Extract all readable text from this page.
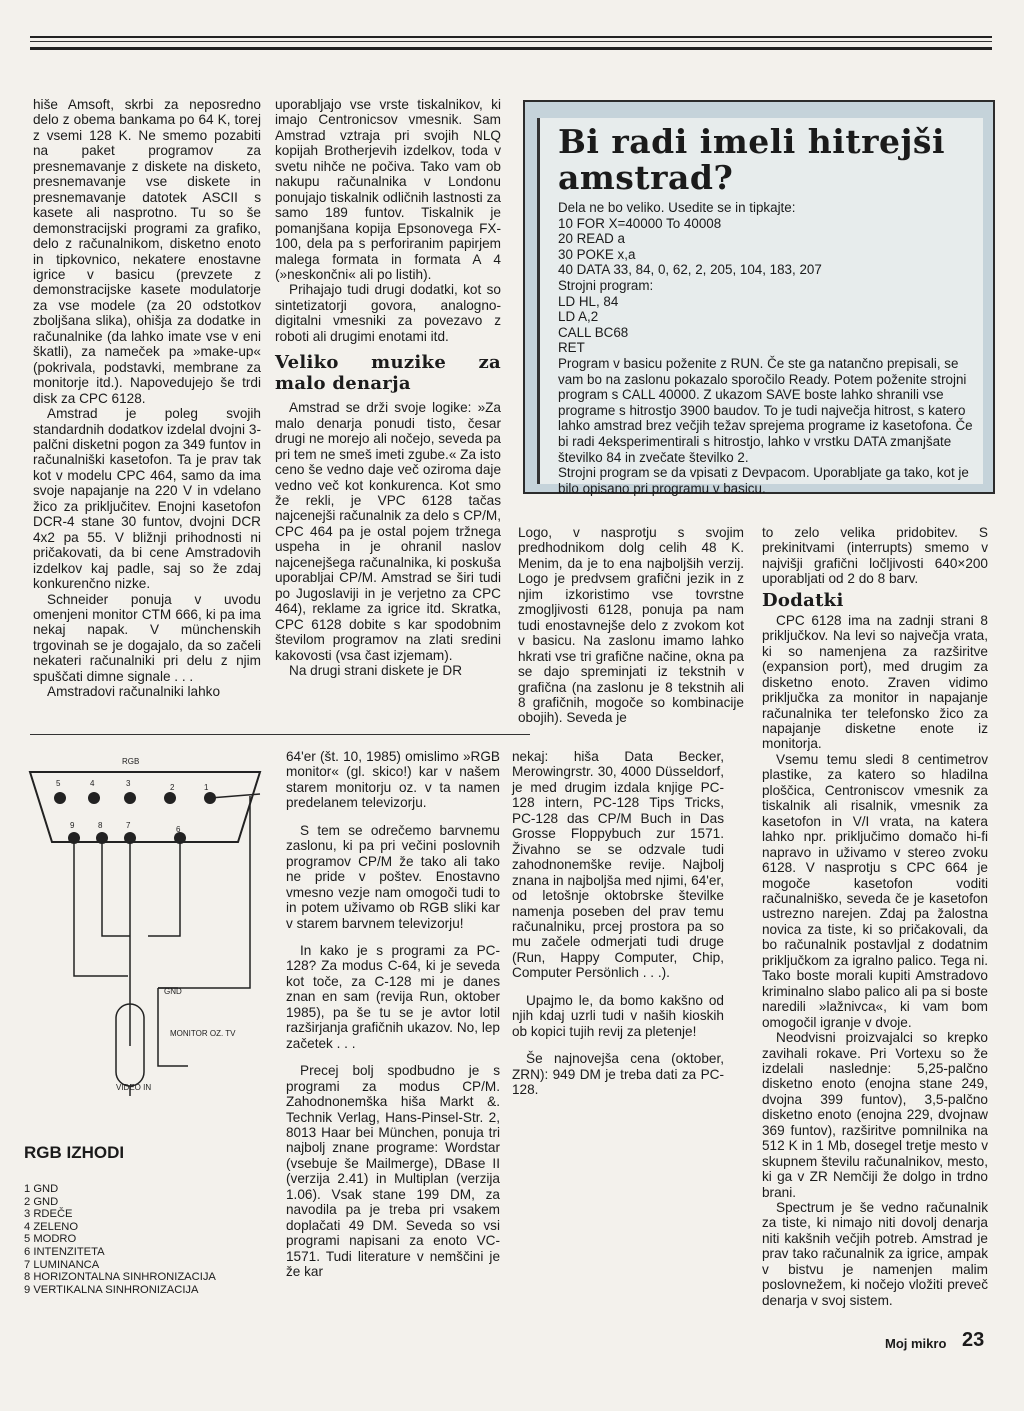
hiše Amsoft, skrbi za neposredno delo z obema bankama po 64 K, torej z vsemi 128 K. Ne smemo pozabiti na paket programov za presnemavanje z diskete na disketo, presnemavanje vse diskete in presnemavanje datotek ASCII s kasete ali nasprotno. Tu so še demonstracijski programi za grafiko, delo z računalnikom, disketno enoto in tipkovnico, nekatere enostavne igrice v basicu (prevzete z demonstracijske kasete modulatorje za vse modele (za 20 odstotkov zboljšana slika), ohišja za dodatke in računalnike (da lahko imate vse v eni škatli), za nameček pa »make-up« (pokrivala, podstavki, membrane za monitorje itd.). Napovedujejo še trdi disk za CPC 6128.

Amstrad je poleg svojih standardnih dodatkov izdelal dvojni 3-palčni disketni pogon za 349 funtov in računalniški kasetofon. Ta je prav tak kot v modelu CPC 464, samo da ima svoje napajanje na 220 V in vdelano žico za priključitev. Enojni kasetofon DCR-4 stane 30 funtov, dvojni DCR 4x2 pa 55. V bližnji prihodnosti ni pričakovati, da bi cene Amstradovih izdelkov kaj padle, saj so že zdaj konkurenčno nizke.

Schneider ponuja v uvodu omenjeni monitor CTM 666, ki pa ima nekaj napak. V münchenskih trgovinah se je dogajalo, da so začeli nekateri računalniki pri delu z njim spuščati dimne signale . . .

Amstradovi računalniki lahko

uporabljajo vse vrste tiskalnikov, ki imajo Centronicsov vmesnik. Sam Amstrad vztraja pri svojih NLQ kopijah Brotherjevih izdelkov, toda v svetu nihče ne počiva. Tako vam ob nakupu računalnika v Londonu ponujajo tiskalnik odličnih lastnosti za samo 189 funtov. Tiskalnik je pomanjšana kopija Epsonovega FX-100, dela pa s perforiranim papirjem malega formata in formata A 4 (»neskončni« ali po listih).

Prihajajo tudi drugi dodatki, kot so sintetizatorji govora, analogno-digitalni vmesniki za povezavo z roboti ali drugimi enotami itd.

Veliko muzike za malo denarja

Amstrad se drži svoje logike: »Za malo denarja ponudi tisto, česar drugi ne morejo ali nočejo, seveda pa pri tem ne smeš imeti zgube.« Za isto ceno še vedno daje več oziroma daje vedno več kot konkurenca. Kot smo že rekli, je VPC 6128 tačas najcenejši računalnik za delo s CP/M, CPC 464 pa je ostal pojem tržnega uspeha in je ohranil naslov najcenejšega računalnika, ki poskuša uporabljai CP/M. Amstrad se širi tudi po Jugoslaviji in je verjetno za CPC 464), reklame za igrice itd. Skratka, CPC 6128 dobite s kar spodobnim številom programov na zlati sredini kakovosti (vsa čast izjemam).

Na drugi strani diskete je DR

Bi radi imeli hitrejši amstrad?

Dela ne bo veliko. Usedite se in tipkajte:

10 FOR X=40000 To 40008

20 READ a

30 POKE x,a

40 DATA 33, 84, 0, 62, 2, 205, 104, 183, 207

Strojni program:

LD HL, 84

LD A,2

CALL BC68

RET

Program v basicu poženite z RUN. Če ste ga natančno prepisali, se vam bo na zaslonu pokazalo sporočilo Ready. Potem poženite strojni program s CALL 40000. Z ukazom SAVE boste lahko shranili vse programe s hitrostjo 3900 baudov. To je tudi največja hitrost, s katero lahko amstrad brez večjih težav sprejema programe iz kasetofona. Če bi radi 4eksperimentirali s hitrostjo, lahko v vrstku DATA zmanjšate številko 84 in zvečate številko 2.

Strojni program se da vpisati z Devpacom. Uporabljate ga tako, kot je bilo opisano pri programu v basicu.

Logo, v nasprotju s svojim predhodnikom dolg celih 48 K. Menim, da je to ena najboljših verzij. Logo je predvsem grafični jezik in z njim izkoristimo vse tovrstne zmogljivosti 6128, ponuja pa nam tudi enostavnejše delo z zvokom kot v basicu. Na zaslonu imamo lahko hkrati vse tri grafične načine, okna pa se dajo spreminjati iz tekstnih v grafična (na zaslonu je 8 tekstnih ali 8 grafičnih, mogoče so kombinacije obojih). Seveda je

to zelo velika pridobitev. S prekinitvami (interrupts) smemo v najvišji grafični ločljivosti 640×200 uporabljati od 2 do 8 barv.

Dodatki

CPC 6128 ima na zadnji strani 8 priključkov. Na levi so največja vrata, ki so namenjena za razširitve (expansion port), med drugim za disketno enoto. Zraven vidimo priključka za monitor in napajanje računalnika ter telefonsko žico za napajanje disketne enote iz monitorja.

Vsemu temu sledi 8 centimetrov plastike, za katero so hladilna ploščica, Centroniscov vmesnik za tiskalnik ali risalnik, vmesnik za kasetofon in V/I vrata, na katera lahko npr. priključimo domačo hi-fi napravo in uživamo v stereo zvoku 6128. V nasprotju s CPC 664 je mogoče kasetofon voditi računalniško, seveda če je kasetofon ustrezno narejen. Zdaj pa žalostna novica za tiste, ki so pričakovali, da bo računalnik postavljal z dodatnim priključkom za igralno palico. Tega ni. Tako boste morali kupiti Amstradovo kriminalno slabo palico ali pa si boste naredili »lažnivca«, ki vam bom omogočil igranje v dvoje.

Neodvisni proizvajalci so krepko zavihali rokave. Pri Vortexu so že izdelali naslednje: 5,25-palčno disketno enoto (enojna stane 249, dvojna 399 funtov), 3,5-palčno disketno enoto (enojna 229, dvojnaw 369 funtov), razširitve pomnilnika na 512 K in 1 Mb, dosegel tretje mesto v skupnem številu računalnikov, mesto, ki ga v ZR Nemčiji že dolgo in trdno brani.

Spectrum je še vedno računalnik za tiste, ki nimajo niti dovolj denarja niti kakšnih večjih potreb. Amstrad je prav tako računalnik za igrice, ampak v bistvu je namenjen malim poslovnežem, ki nočejo vložiti preveč denarja v svoj sistem.

RGB
5	4	3	2	1
9	8	7	6
GND
MONITOR OZ. TV
VIDEO IN
RGB IZHODI
1 GND
2 GND
3 RDEČE
4 ZELENO
5 MODRO
6 INTENZITETA
7 LUMINANCA
8 HORIZONTALNA SINHRONIZACIJA
9 VERTIKALNA SINHRONIZACIJA

64'er (št. 10, 1985) omislimo »RGB monitor« (gl. skico!) kar v našem starem monitorju oz. v ta namen predelanem televizorju.

S tem se odrečemo barvnemu zaslonu, ki pa pri večini poslovnih programov CP/M že tako ali tako ne pride v poštev. Enostavno vmesno vezje nam omogoči tudi to in potem uživamo ob RGB sliki kar v starem barvnem televizorju!

In kako je s programi za PC-128? Za modus C-64, ki je seveda kot toče, za C-128 mi je danes znan en sam (revija Run, oktober 1985), pa še tu se je avtor lotil razširjanja grafičnih ukazov. No, lep začetek . . .

Precej bolj spodbudno je s programi za modus CP/M. Zahodnonemška hiša Markt &. Technik Verlag, Hans-Pinsel-Str. 2, 8013 Haar bei München, ponuja tri najbolj znane programe: Wordstar (vsebuje še Mailmerge), DBase II (verzija 2.41) in Multiplan (verzija 1.06). Vsak stane 199 DM, za navodila pa je treba pri vsakem doplačati 49 DM. Seveda so vsi programi napisani za enoto VC-1571. Tudi literature v nemščini je že kar

nekaj: hiša Data Becker, Merowingrstr. 30, 4000 Düsseldorf, je med drugim izdala knjige PC-128 intern, PC-128 Tips Tricks, PC-128 das CP/M Buch in Das Grosse Floppybuch zur 1571. Živahno se se odzvale tudi zahodnonemške revije. Najbolj znana in najboljša med njimi, 64'er, od letošnje oktobrske številke namenja poseben del prav temu računalniku, prcej prostora pa so mu začele odmerjati tudi druge (Run, Happy Computer, Chip, Computer Persönlich . . .).

Upajmo le, da bomo kakšno od njih kdaj uzrli tudi v naših kioskih ob kopici tujih revij za pletenje!

Še najnovejša cena (oktober, ZRN): 949 DM je treba dati za PC-128.

Moj mikro 23
